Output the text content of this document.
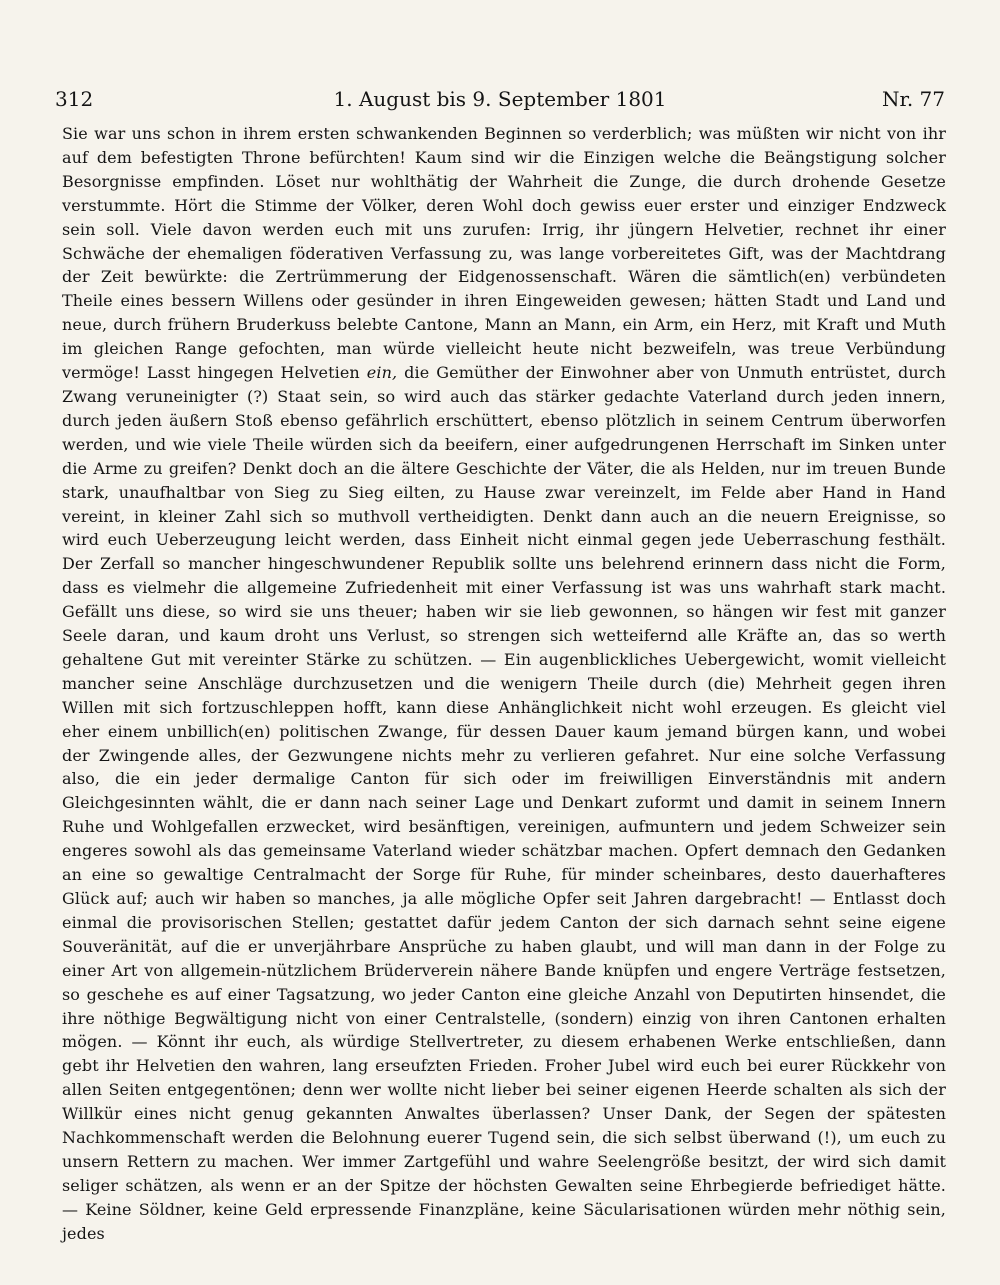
312	1. August bis 9. September 1801	Nr. 77

Sie war uns schon in ihrem ersten schwankenden Beginnen so verderblich; was müßten wir nicht von ihr auf dem befestigten Throne befürchten! Kaum sind wir die Einzigen welche die Beängstigung solcher Besorgnisse empfinden. Löset nur wohlthätig der Wahrheit die Zunge, die durch drohende Gesetze verstummte. Hört die Stimme der Völker, deren Wohl doch gewiss euer erster und einziger Endzweck sein soll. Viele davon werden euch mit uns zurufen: Irrig, ihr jüngern Helvetier, rechnet ihr einer Schwäche der ehemaligen föderativen Verfassung zu, was lange vorbereitetes Gift, was der Machtdrang der Zeit bewürkte: die Zertrümmerung der Eidgenossenschaft. Wären die sämtlich(en) verbündeten Theile eines bessern Willens oder gesünder in ihren Eingeweiden gewesen; hätten Stadt und Land und neue, durch frühern Bruderkuss belebte Cantone, Mann an Mann, ein Arm, ein Herz, mit Kraft und Muth im gleichen Range gefochten, man würde vielleicht heute nicht bezweifeln, was treue Verbündung vermöge! Lasst hingegen Helvetien ein, die Gemüther der Einwohner aber von Unmuth entrüstet, durch Zwang veruneinigter (?) Staat sein, so wird auch das stärker gedachte Vaterland durch jeden innern, durch jeden äußern Stoß ebenso gefährlich erschüttert, ebenso plötzlich in seinem Centrum überworfen werden, und wie viele Theile würden sich da beeifern, einer aufgedrungenen Herrschaft im Sinken unter die Arme zu greifen? Denkt doch an die ältere Geschichte der Väter, die als Helden, nur im treuen Bunde stark, unaufhaltbar von Sieg zu Sieg eilten, zu Hause zwar vereinzelt, im Felde aber Hand in Hand vereint, in kleiner Zahl sich so muthvoll vertheidigten. Denkt dann auch an die neuern Ereignisse, so wird euch Ueberzeugung leicht werden, dass Einheit nicht einmal gegen jede Ueberraschung festhält. Der Zerfall so mancher hingeschwundener Republik sollte uns belehrend erinnern dass nicht die Form, dass es vielmehr die allgemeine Zufriedenheit mit einer Verfassung ist was uns wahrhaft stark macht. Gefällt uns diese, so wird sie uns theuer; haben wir sie lieb gewonnen, so hängen wir fest mit ganzer Seele daran, und kaum droht uns Verlust, so strengen sich wetteifernd alle Kräfte an, das so werth gehaltene Gut mit vereinter Stärke zu schützen. — Ein augenblickliches Uebergewicht, womit vielleicht mancher seine Anschläge durchzusetzen und die wenigern Theile durch (die) Mehrheit gegen ihren Willen mit sich fortzuschleppen hofft, kann diese Anhänglichkeit nicht wohl erzeugen. Es gleicht viel eher einem unbillich(en) politischen Zwange, für dessen Dauer kaum jemand bürgen kann, und wobei der Zwingende alles, der Gezwungene nichts mehr zu verlieren gefahret. Nur eine solche Verfassung also, die ein jeder dermalige Canton für sich oder im freiwilligen Einverständnis mit andern Gleichgesinnten wählt, die er dann nach seiner Lage und Denkart zuformt und damit in seinem Innern Ruhe und Wohlgefallen erzwecket, wird besänftigen, vereinigen, aufmuntern und jedem Schweizer sein engeres sowohl als das gemeinsame Vaterland wieder schätzbar machen. Opfert demnach den Gedanken an eine so gewaltige Centralmacht der Sorge für Ruhe, für minder scheinbares, desto dauerhafteres Glück auf; auch wir haben so manches, ja alle mögliche Opfer seit Jahren dargebracht! — Entlasst doch einmal die provisorischen Stellen; gestattet dafür jedem Canton der sich darnach sehnt seine eigene Souveränität, auf die er unverjährbare Ansprüche zu haben glaubt, und will man dann in der Folge zu einer Art von allgemein-nützlichem Brüderverein nähere Bande knüpfen und engere Verträge festsetzen, so geschehe es auf einer Tagsatzung, wo jeder Canton eine gleiche Anzahl von Deputirten hinsendet, die ihre nöthige Begwältigung nicht von einer Centralstelle, (sondern) einzig von ihren Cantonen erhalten mögen. — Könnt ihr euch, als würdige Stellvertreter, zu diesem erhabenen Werke entschließen, dann gebt ihr Helvetien den wahren, lang erseufzten Frieden. Froher Jubel wird euch bei eurer Rückkehr von allen Seiten entgegentönen; denn wer wollte nicht lieber bei seiner eigenen Heerde schalten als sich der Willkür eines nicht genug gekannten Anwaltes überlassen? Unser Dank, der Segen der spätesten Nachkommenschaft werden die Belohnung euerer Tugend sein, die sich selbst überwand (!), um euch zu unsern Rettern zu machen. Wer immer Zartgefühl und wahre Seelengröße besitzt, der wird sich damit seliger schätzen, als wenn er an der Spitze der höchsten Gewalten seine Ehrbegierde befriediget hätte. — Keine Söldner, keine Geld erpressende Finanzpläne, keine Säcularisationen würden mehr nöthig sein, jedes
